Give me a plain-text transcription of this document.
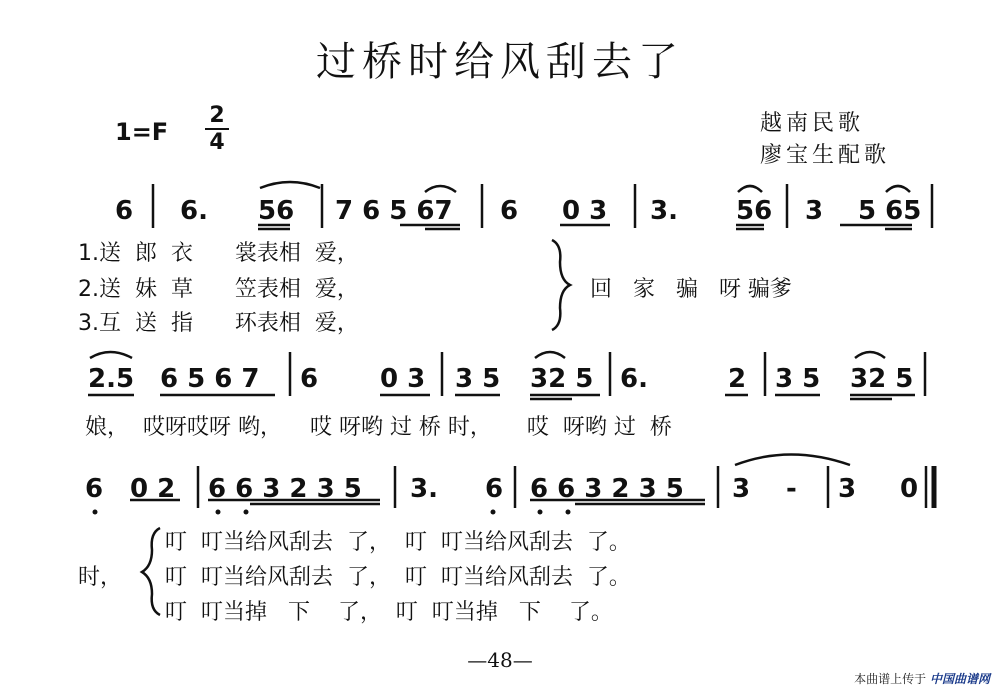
过桥时给风刮去了
1=F
2
4
越南民歌
廖宝生配歌
6 6. 56 7 6 5 67 6 0 3 3. 56 3 5 65
1.送  郎  衣      裳表相  爱，
2.送  妹  草      笠表相  爱，
3.互  送  指      环表相  爱，
回   家   骗   呀 骗爹
2.5 6 5 6 7 6 0 3 3 5 32 5 6.	2 3 5 32 5
娘，  哎呀哎呀 哟，    哎 呀哟 过 桥 时，     哎  呀哟 过  桥
6 0 2 6 6 3 2 3 5 3. 6 6 6 3 2 3 5 3 - 3 0
时，
叮  叮当给风刮去  了，  叮  叮当给风刮去  了。
叮  叮当给风刮去  了，  叮  叮当给风刮去  了。
叮  叮当掉   下    了，  叮  叮当掉   下    了。
—48—
本曲谱上传于 中国曲谱网
